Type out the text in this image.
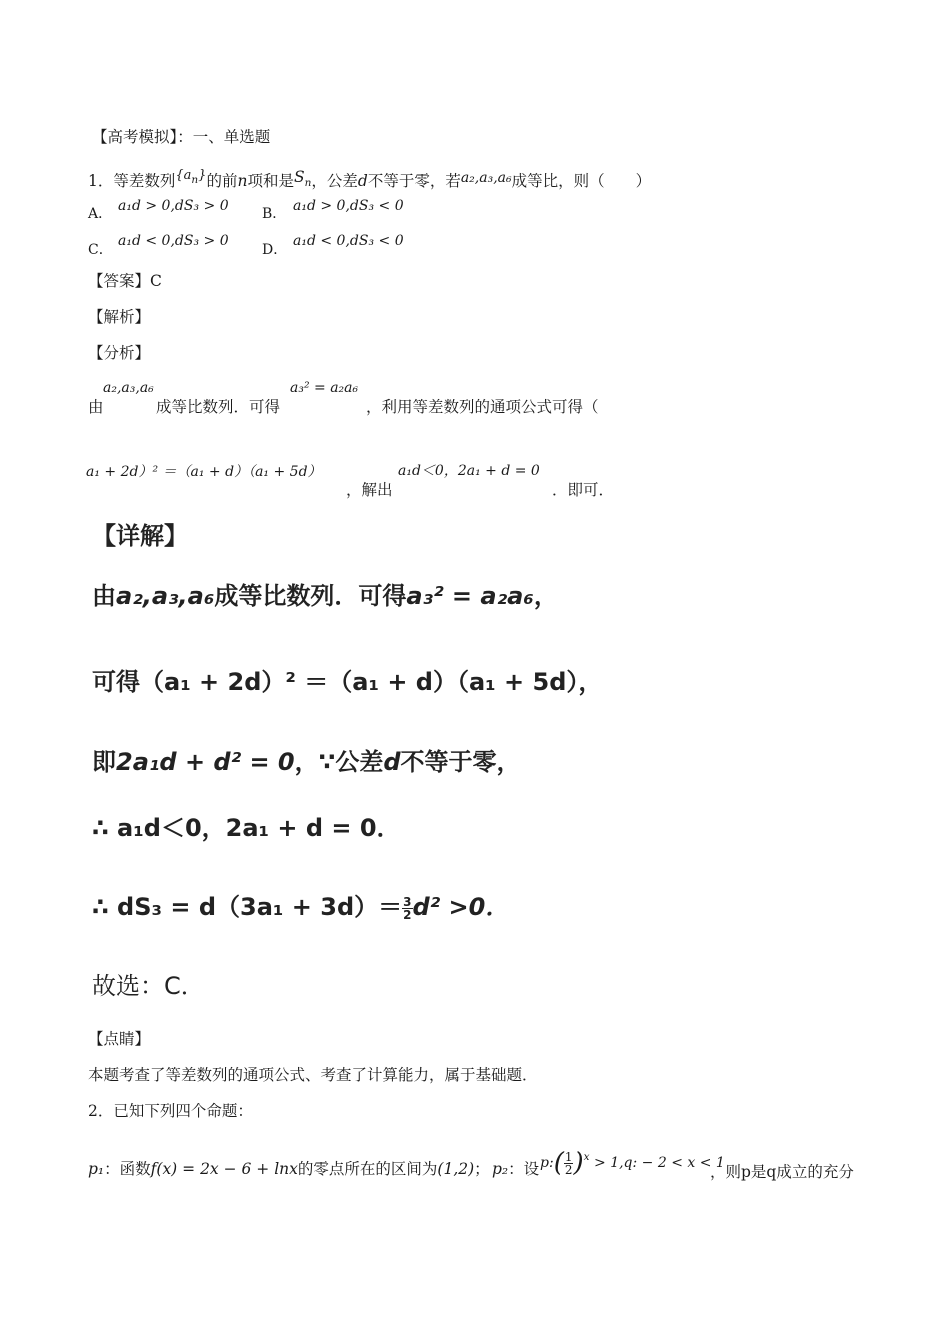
【高考模拟】：一、单选题
1．等差数列$^{\{a_n\}}$的前n项和是$S_n$，公差d不等于零，若a₂,a₃,a₆成等比，则（　　）
A． a₁d > 0,dS₃ > 0 B． a₁d > 0,dS₃ < 0
C．
a₁d < 0,dS₃ > 0
D．
a₁d < 0,dS₃ < 0
【答案】C
【解析】
【分析】
由
a₂,a₃,a₆
成等比数列．可得
a₃² = a₂a₆
，利用等差数列的通项公式可得（
a₁ + 2d）² ＝（a₁ + d）（a₁ + 5d）
，解出
a₁d＜0，2a₁ + d = 0
．即可．
【详解】
由a₂,a₃,a₆成等比数列．可得a₃² = a₂a₆，
可得（a₁ + 2d）² ＝（a₁ + d）（a₁ + 5d），
即2a₁d + d² = 0，∵公差d不等于零，
∴ a₁d＜0，2a₁ + d = 0．
∴ $dS_3 = d(3a_1 + 3d)= \frac{3}{2} d^2 >0$．
故选：C．
【点睛】
本题考查了等差数列的通项公式、考查了计算能力，属于基础题．
2．已知下列四个命题：
p₁：函数f(x) = 2x − 6 + lnx的零点所在的区间为(1,2)； p₂：设 p:( $\frac{1}{2} )^x > 1,q$: − 2 < x < 1
，则p是q成立的充分
